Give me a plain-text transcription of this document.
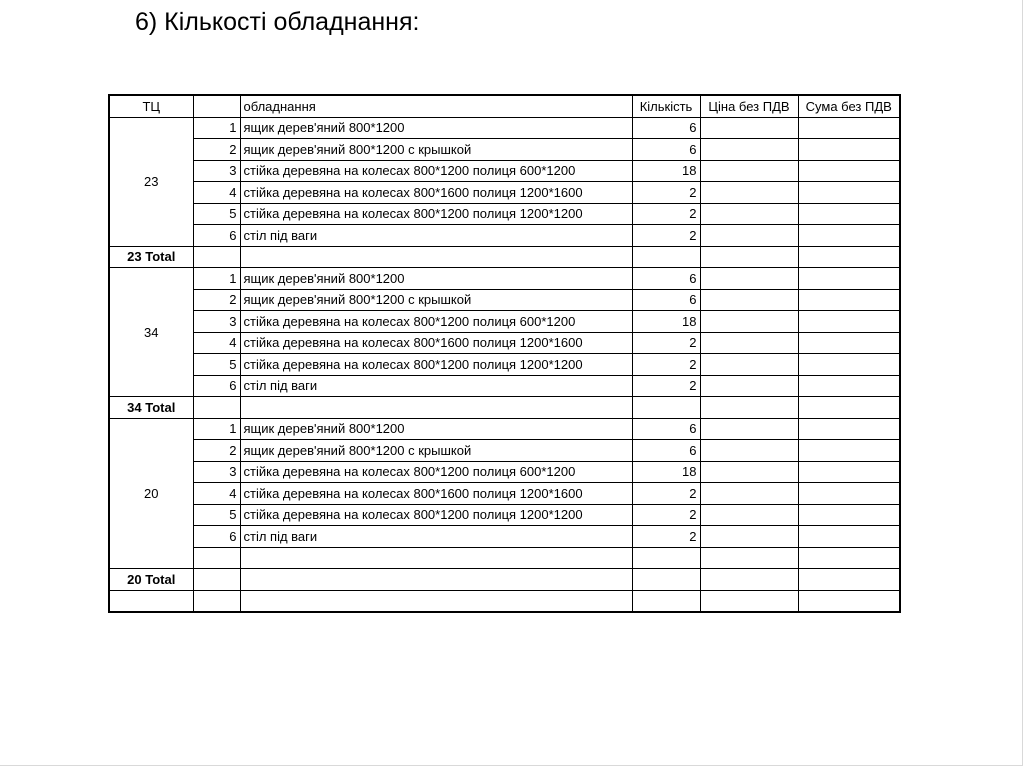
6) Кількості обладнання:
ТЦ		обладнання	Кількість	Ціна без ПДВ	Сума без ПДВ
23	1	ящик дерев'яний 800*1200	6		
	2	ящик дерев'яний 800*1200 с крышкой	6		
	3	стійка деревяна на колесах 800*1200 полиця 600*1200	18		
	4	стійка деревяна на колесах 800*1600 полиця 1200*1600	2		
	5	стійка деревяна на колесах 800*1200 полиця 1200*1200	2		
	6	стіл під ваги	2		
23 Total					
34	1	ящик дерев'яний 800*1200	6		
	2	ящик дерев'яний 800*1200 с крышкой	6		
	3	стійка деревяна на колесах 800*1200 полиця 600*1200	18		
	4	стійка деревяна на колесах 800*1600 полиця 1200*1600	2		
	5	стійка деревяна на колесах 800*1200 полиця 1200*1200	2		
	6	стіл під ваги	2		
34 Total					
20	1	ящик дерев'яний 800*1200	6		
	2	ящик дерев'яний 800*1200 с крышкой	6		
	3	стійка деревяна на колесах 800*1200 полиця 600*1200	18		
	4	стійка деревяна на колесах 800*1600 полиця 1200*1600	2		
	5	стійка деревяна на колесах 800*1200 полиця 1200*1200	2		
	6	стіл під ваги	2		

20 Total					
